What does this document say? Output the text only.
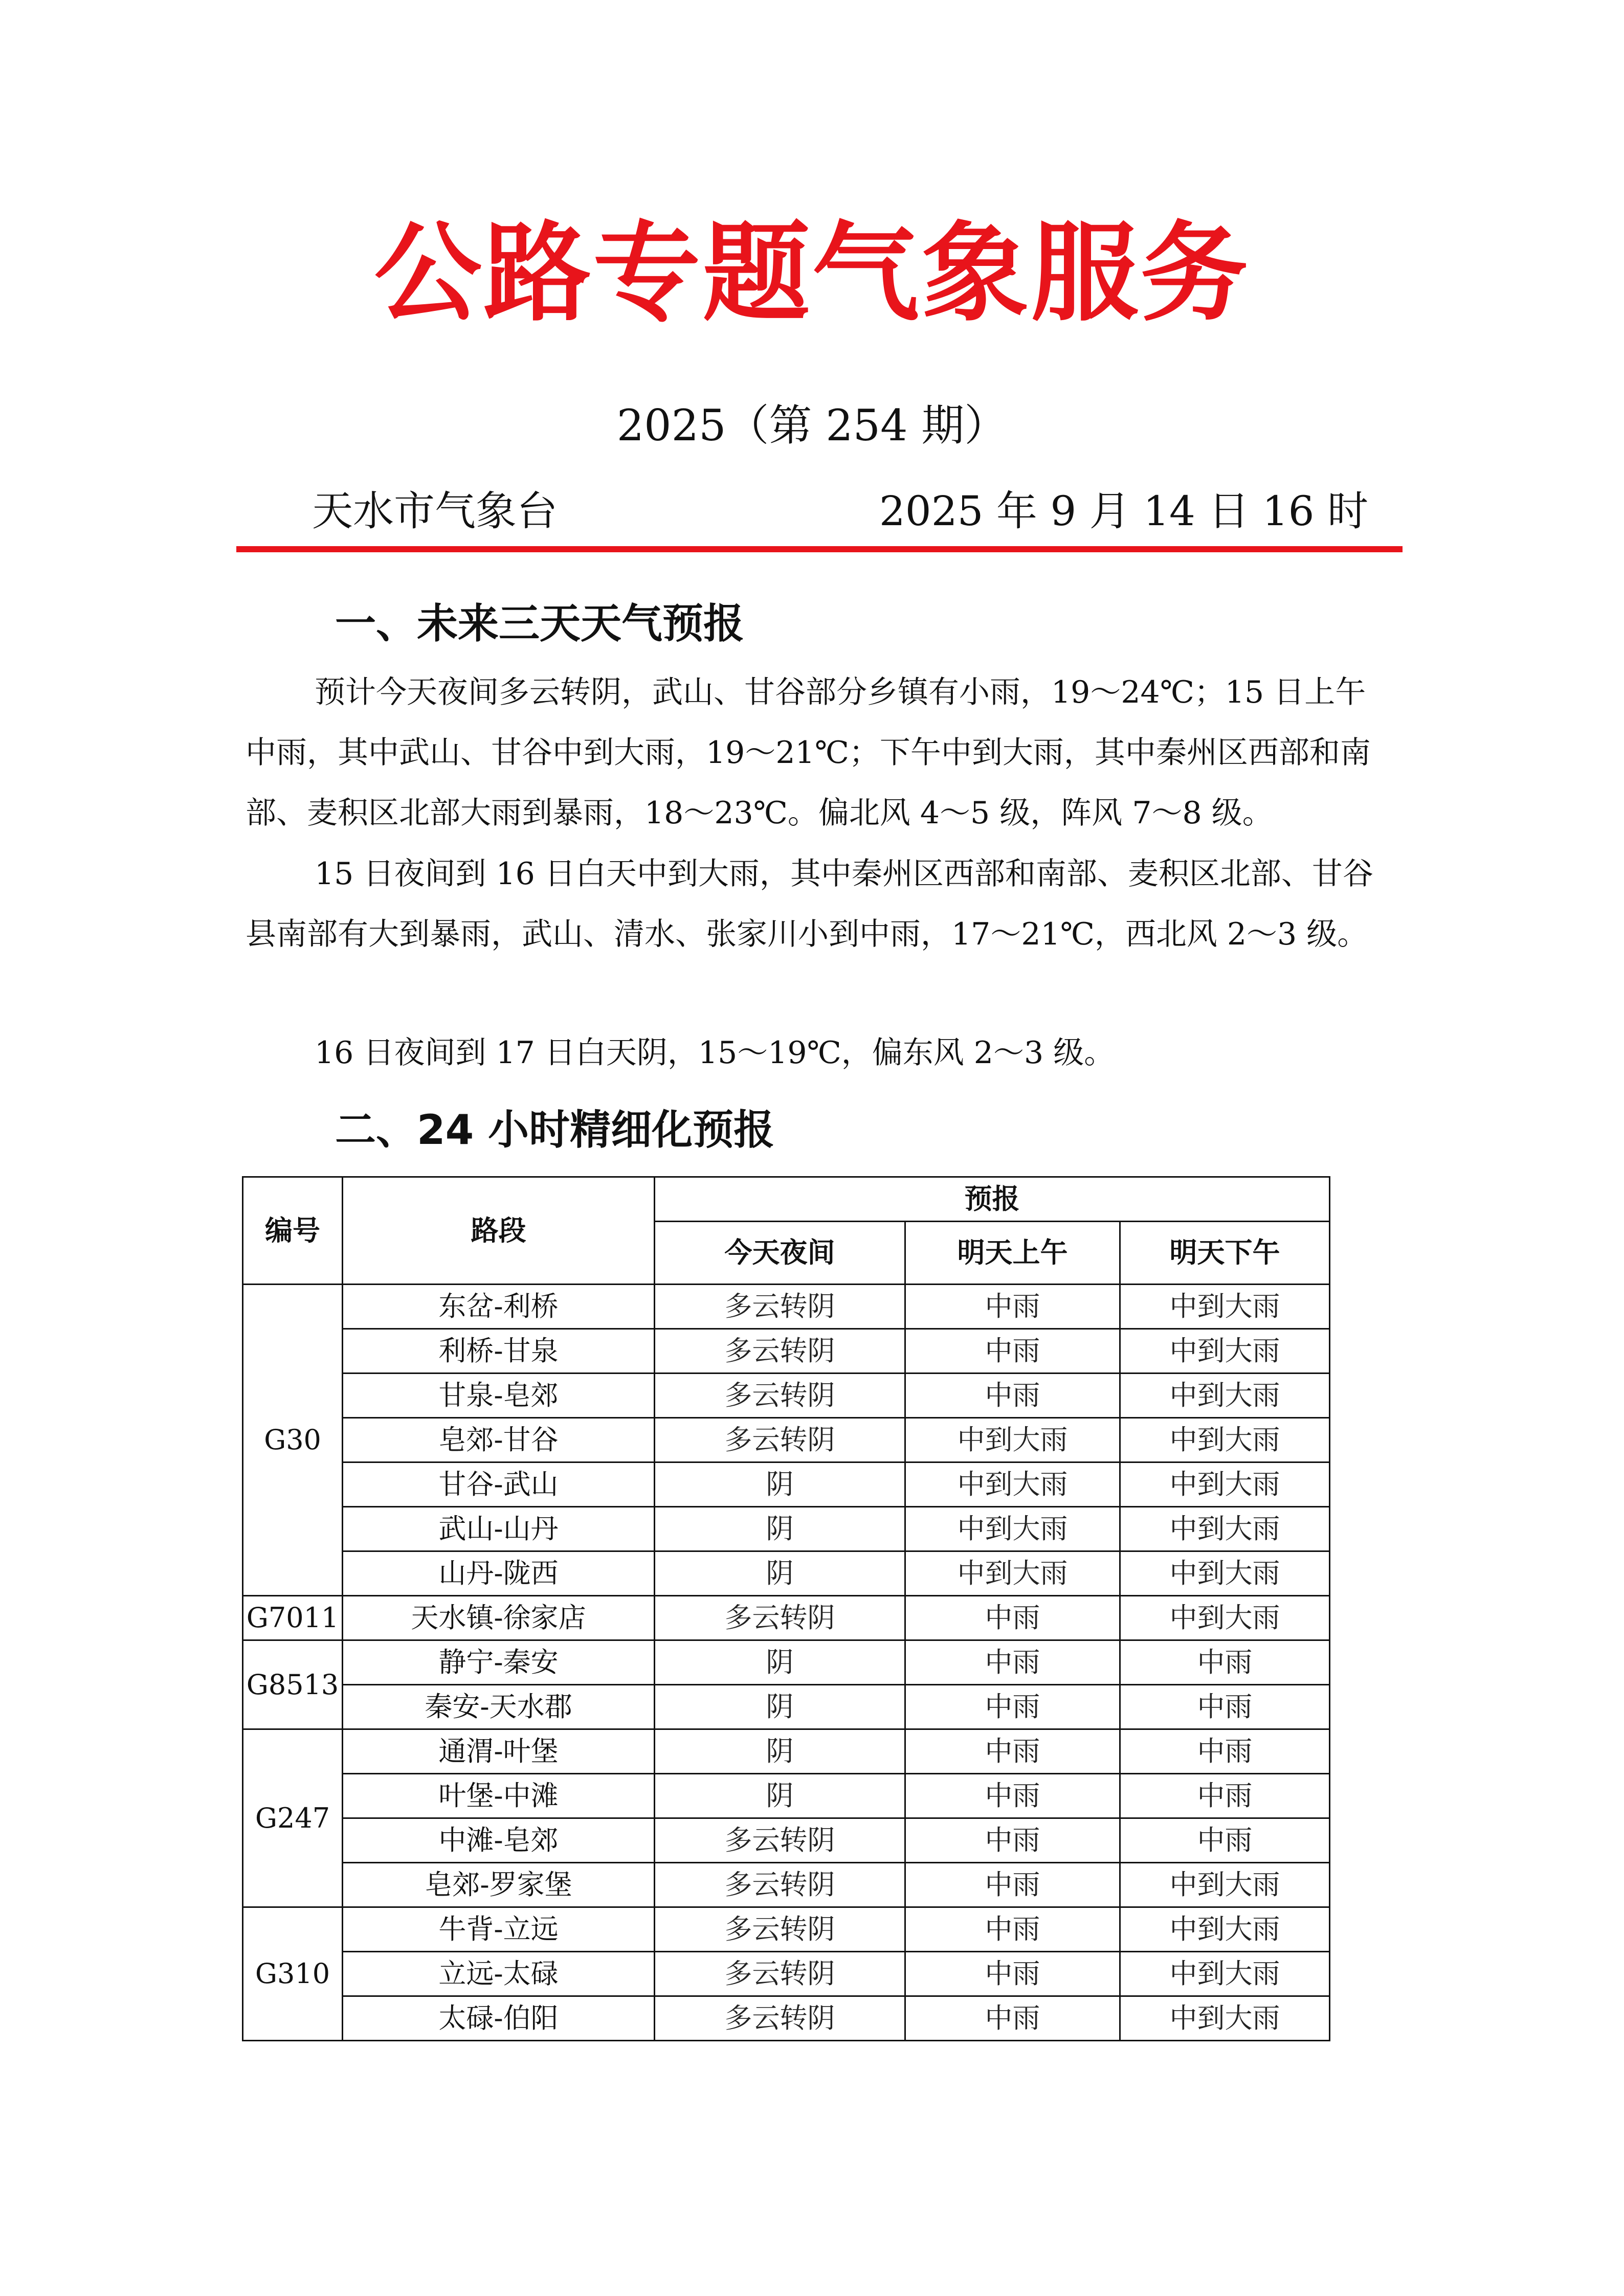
公路专题气象服务
2025（第 254 期）
天水市气象台	2025 年 9 月 14 日 16 时
一、未来三天天气预报
预计今天夜间多云转阴，武山、甘谷部分乡镇有小雨，19～24℃；15 日上午中雨，其中武山、甘谷中到大雨，19～21℃；下午中到大雨，其中秦州区西部和南部、麦积区北部大雨到暴雨，18～23℃。偏北风 4～5 级，阵风 7～8 级。
15 日夜间到 16 日白天中到大雨，其中秦州区西部和南部、麦积区北部、甘谷县南部有大到暴雨，武山、清水、张家川小到中雨，17～21℃，西北风 2～3 级。
16 日夜间到 17 日白天阴，15～19℃，偏东风 2～3 级。
二、24 小时精细化预报
编号	路段	预报		
		今天夜间	明天上午	明天下午
G30	东岔-利桥	多云转阴	中雨	中到大雨
	利桥-甘泉	多云转阴	中雨	中到大雨
	甘泉-皂郊	多云转阴	中雨	中到大雨
	皂郊-甘谷	多云转阴	中到大雨	中到大雨
	甘谷-武山	阴	中到大雨	中到大雨
	武山-山丹	阴	中到大雨	中到大雨
	山丹-陇西	阴	中到大雨	中到大雨
G7011	天水镇-徐家店	多云转阴	中雨	中到大雨
G8513	静宁-秦安	阴	中雨	中雨
	秦安-天水郡	阴	中雨	中雨
G247	通渭-叶堡	阴	中雨	中雨
	叶堡-中滩	阴	中雨	中雨
	中滩-皂郊	多云转阴	中雨	中雨
	皂郊-罗家堡	多云转阴	中雨	中到大雨
G310	牛背-立远	多云转阴	中雨	中到大雨
	立远-太碌	多云转阴	中雨	中到大雨
	太碌-伯阳	多云转阴	中雨	中到大雨
